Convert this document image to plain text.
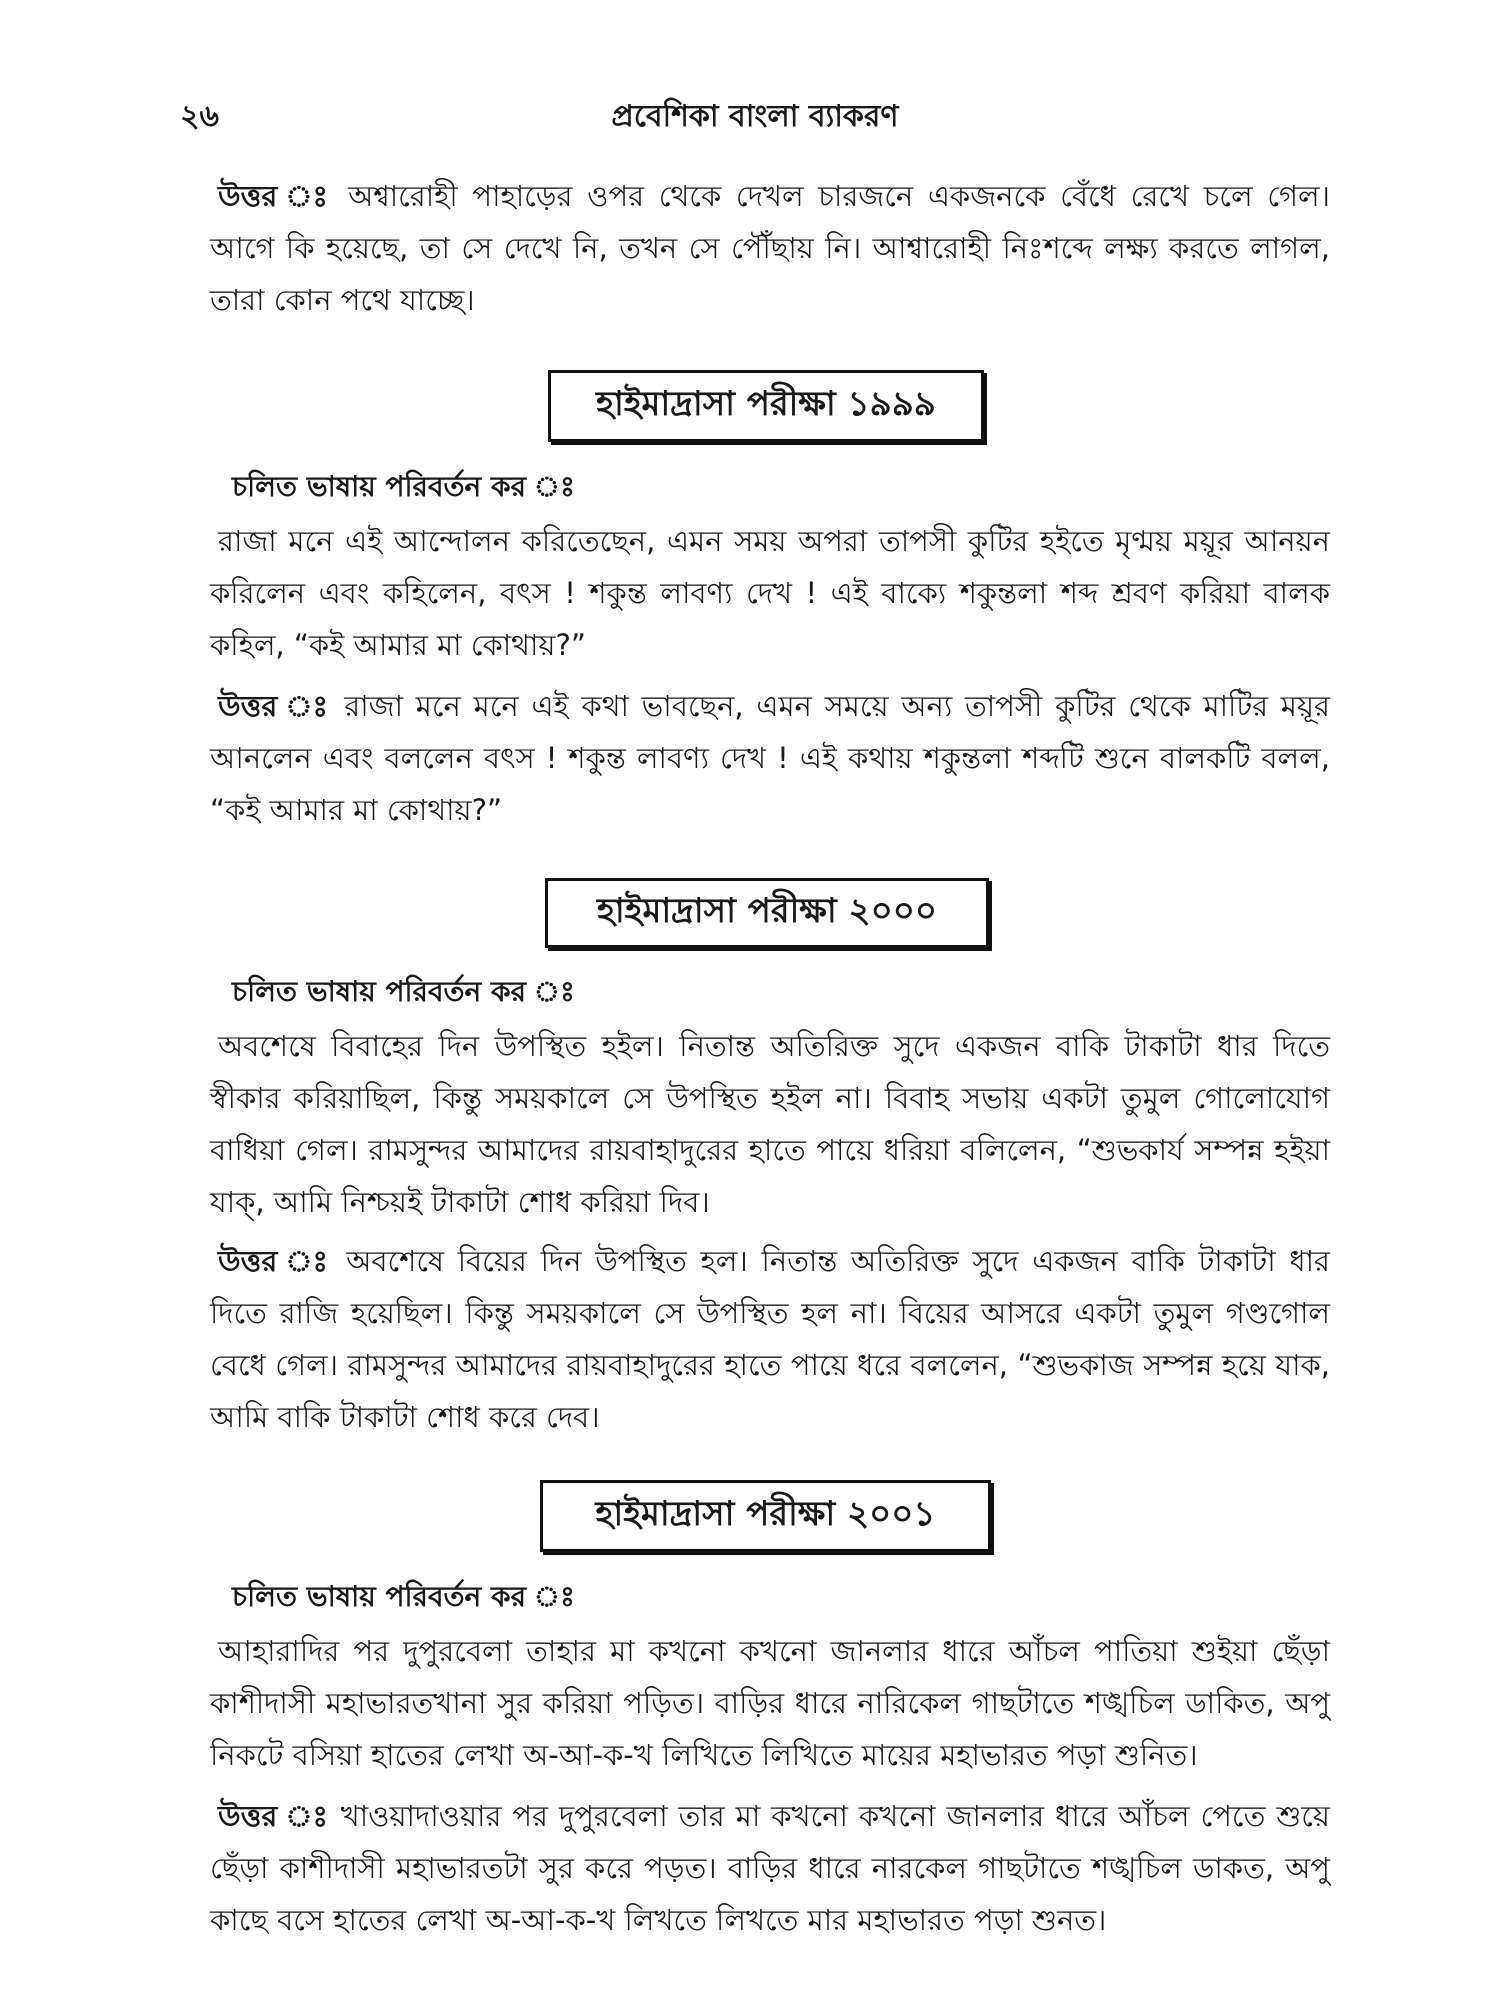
২৬	প্রবেশিকা বাংলা ব্যাকরণ

উত্তর ঃ অশ্বারোহী পাহাড়ের ওপর থেকে দেখল চারজনে একজনকে বেঁধে রেখে চলে গেল। আগে কি হয়েছে, তা সে দেখে নি, তখন সে পৌঁছায় নি। আশ্বারোহী নিঃশব্দে লক্ষ্য করতে লাগল, তারা কোন পথে যাচ্ছে।

হাইমাদ্রাসা পরীক্ষা ১৯৯৯
চলিত ভাষায় পরিবর্তন কর ঃ

রাজা মনে এই আন্দোলন করিতেছেন, এমন সময় অপরা তাপসী কুটির হইতে মৃণ্ময় ময়ূর আনয়ন করিলেন এবং কহিলেন, বৎস ! শকুন্ত লাবণ্য দেখ ! এই বাক্যে শকুন্তলা শব্দ শ্রবণ করিয়া বালক কহিল, “কই আমার মা কোথায়?”

উত্তর ঃ রাজা মনে মনে এই কথা ভাবছেন, এমন সময়ে অন্য তাপসী কুটির থেকে মাটির ময়ূর আনলেন এবং বললেন বৎস ! শকুন্ত লাবণ্য দেখ ! এই কথায় শকুন্তলা শব্দটি শুনে বালকটি বলল, “কই আমার মা কোথায়?”

হাইমাদ্রাসা পরীক্ষা ২০০০
চলিত ভাষায় পরিবর্তন কর ঃ

অবশেষে বিবাহের দিন উপস্থিত হইল। নিতান্ত অতিরিক্ত সুদে একজন বাকি টাকাটা ধার দিতে স্বীকার করিয়াছিল, কিন্তু সময়কালে সে উপস্থিত হইল না। বিবাহ সভায় একটা তুমুল গোলোযোগ বাধিয়া গেল। রামসুন্দর আমাদের রায়বাহাদুরের হাতে পায়ে ধরিয়া বলিলেন, “শুভকার্য সম্পন্ন হইয়া যাক্, আমি নিশ্চয়ই টাকাটা শোধ করিয়া দিব।

উত্তর ঃ অবশেষে বিয়ের দিন উপস্থিত হল। নিতান্ত অতিরিক্ত সুদে একজন বাকি টাকাটা ধার দিতে রাজি হয়েছিল। কিন্তু সময়কালে সে উপস্থিত হল না। বিয়ের আসরে একটা তুমুল গণ্ডগোল বেধে গেল। রামসুন্দর আমাদের রায়বাহাদুরের হাতে পায়ে ধরে বললেন, “শুভকাজ সম্পন্ন হয়ে যাক, আমি বাকি টাকাটা শোধ করে দেব।

হাইমাদ্রাসা পরীক্ষা ২০০১
চলিত ভাষায় পরিবর্তন কর ঃ

আহারাদির পর দুপুরবেলা তাহার মা কখনো কখনো জানলার ধারে আঁচল পাতিয়া শুইয়া ছেঁড়া কাশীদাসী মহাভারতখানা সুর করিয়া পড়িত। বাড়ির ধারে নারিকেল গাছটাতে শঙ্খচিল ডাকিত, অপু নিকটে বসিয়া হাতের লেখা অ-আ-ক-খ লিখিতে লিখিতে মায়ের মহাভারত পড়া শুনিত।

উত্তর ঃ খাওয়াদাওয়ার পর দুপুরবেলা তার মা কখনো কখনো জানলার ধারে আঁচল পেতে শুয়ে ছেঁড়া কাশীদাসী মহাভারতটা সুর করে পড়ত। বাড়ির ধারে নারকেল গাছটাতে শঙ্খচিল ডাকত, অপু কাছে বসে হাতের লেখা অ-আ-ক-খ লিখতে লিখতে মার মহাভারত পড়া শুনত।
